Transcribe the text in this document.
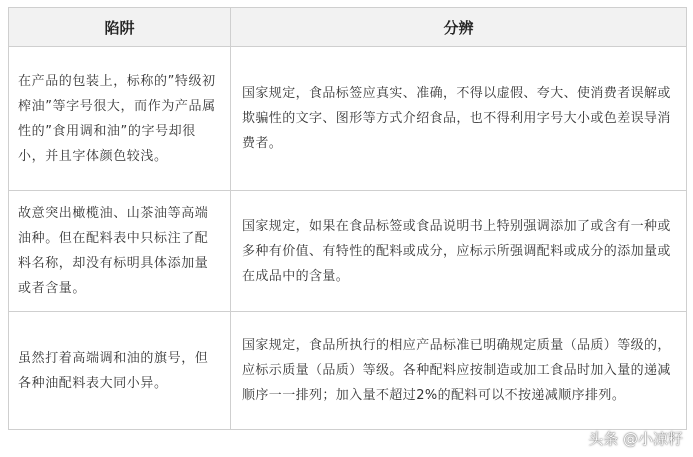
陷阱	分辨
在产品的包装上，标称的”特级初榨油”等字号很大，而作为产品属性的”食用调和油”的字号却很小，并且字体颜色较浅。	国家规定，食品标签应真实、准确，不得以虚假、夸大、使消费者误解或欺骗性的文字、图形等方式介绍食品，也不得利用字号大小或色差误导消费者。
故意突出橄榄油、山茶油等高端油种。但在配料表中只标注了配料名称，却没有标明具体添加量或者含量。	国家规定，如果在食品标签或食品说明书上特别强调添加了或含有一种或多种有价值、有特性的配料或成分，应标示所强调配料或成分的添加量或在成品中的含量。
虽然打着高端调和油的旗号，但各种油配料表大同小异。	国家规定，食品所执行的相应产品标准已明确规定质量（品质）等级的，应标示质量（品质）等级。各种配料应按制造或加工食品时加入量的递减顺序一一排列；加入量不超过2%的配料可以不按递减顺序排列。
头条 @小凉籽
